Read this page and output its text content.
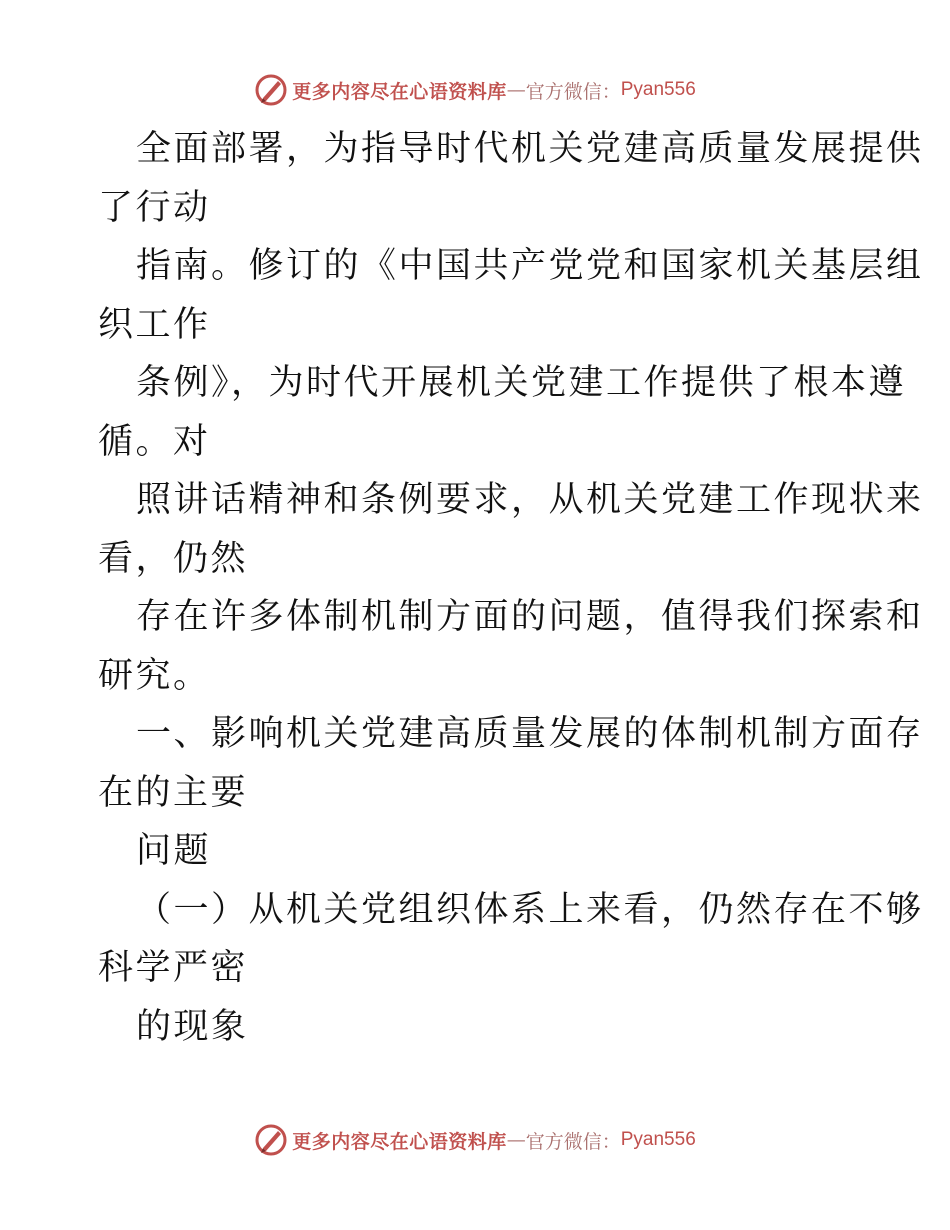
更多内容尽在心语资料库 — 官方微信： Pyan556
全面部署，为指导时代机关党建高质量发展提供
了行动
指南。修订的《中国共产党党和国家机关基层组
织工作
条例》，为时代开展机关党建工作提供了根本遵
循。对
照讲话精神和条例要求，从机关党建工作现状来
看，仍然
存在许多体制机制方面的问题，值得我们探索和
研究。
一、影响机关党建高质量发展的体制机制方面存
在的主要
问题
（一）从机关党组织体系上来看，仍然存在不够
科学严密
的现象
更多内容尽在心语资料库 — 官方微信： Pyan556
